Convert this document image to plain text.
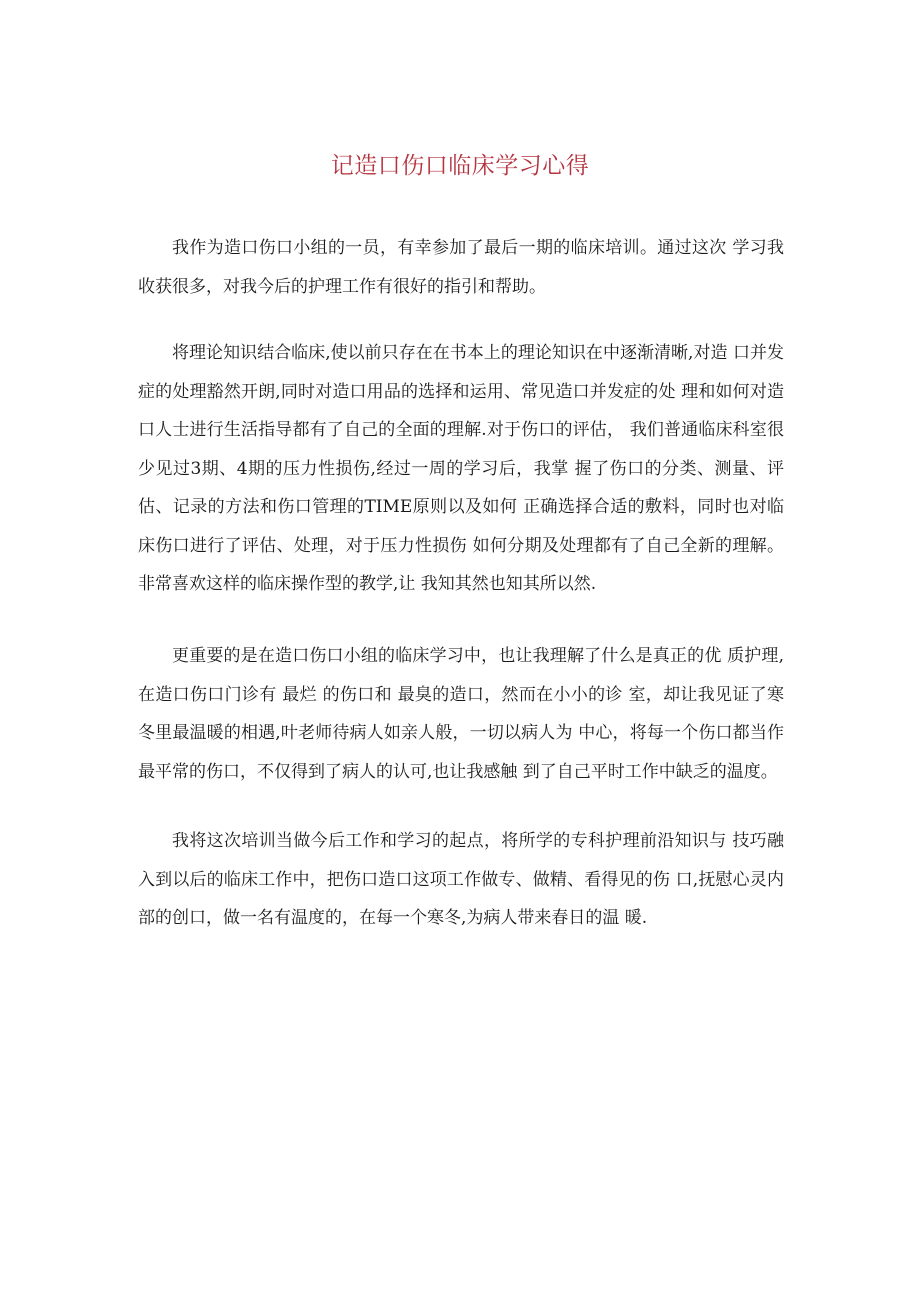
记造口伤口临床学习心得

我作为造口伤口小组的一员，有幸参加了最后一期的临床培训。通过这次 学习我收获很多，对我今后的护理工作有很好的指引和帮助。

将理论知识结合临床,使以前只存在在书本上的理论知识在中逐渐清晰,对造 口并发症的处理豁然开朗,同时对造口用品的选择和运用、常见造口并发症的处 理和如何对造口人士进行生活指导都有了自己的全面的理解.对于伤口的评估， 我们普通临床科室很少见过3期、4期的压力性损伤,经过一周的学习后，我掌 握了伤口的分类、测量、评估、记录的方法和伤口管理的TIME原则以及如何 正确选择合适的敷料，同时也对临床伤口进行了评估、处理，对于压力性损伤 如何分期及处理都有了自己全新的理解。非常喜欢这样的临床操作型的教学,让 我知其然也知其所以然.

更重要的是在造口伤口小组的临床学习中，也让我理解了什么是真正的优 质护理,在造口伤口门诊有 最烂 的伤口和 最臭的造口，然而在小小的诊 室，却让我见证了寒冬里最温暖的相遇,叶老师待病人如亲人般，一切以病人为 中心，将每一个伤口都当作最平常的伤口，不仅得到了病人的认可,也让我感触 到了自己平时工作中缺乏的温度。

我将这次培训当做今后工作和学习的起点，将所学的专科护理前沿知识与 技巧融入到以后的临床工作中，把伤口造口这项工作做专、做精、看得见的伤 口,抚慰心灵内部的创口，做一名有温度的，在每一个寒冬,为病人带来春日的温 暖.
